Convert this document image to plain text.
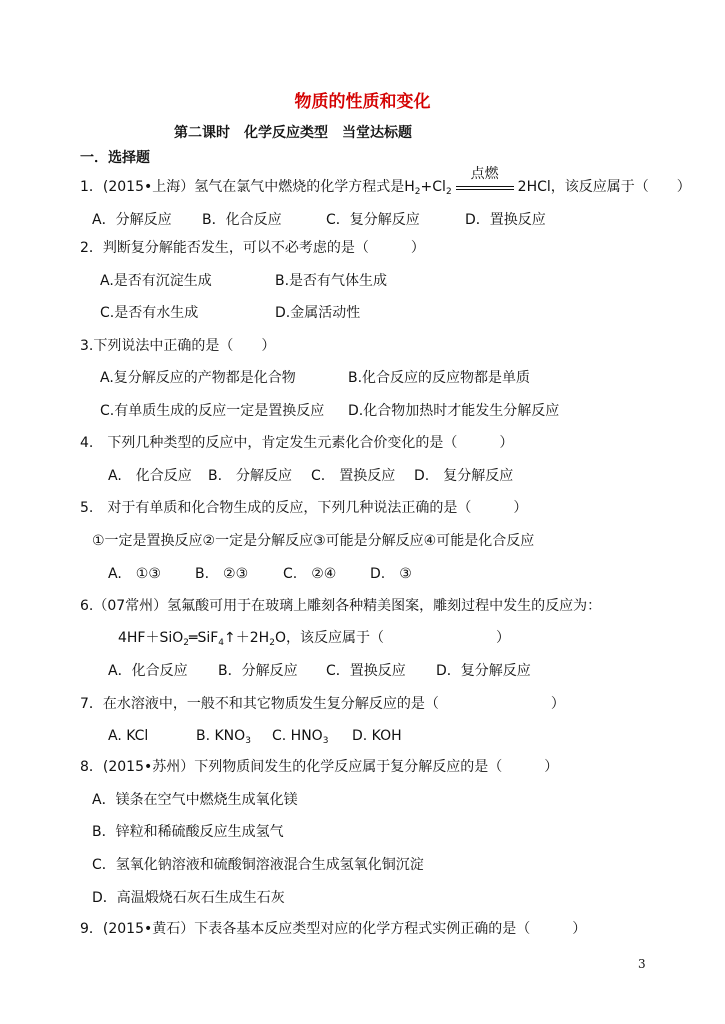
物质的性质和变化
第二课时　化学反应类型　当堂达标题
一．选择题
1．(2015•上海）氢气在氯气中燃烧的化学方程式是$H_2+Cl_2$
点燃
2HCl，该反应属于（　　）
A．分解反应 B．化合反应	C．复分解反应	D．置换反应
2．判断复分解能否发生，可以不必考虑的是（　　　）
A.是否有沉淀生成	B.是否有气体生成
C.是否有水生成	D.金属活动性
3.下列说法中正确的是（　　）
A.复分解反应的产物都是化合物	B.化合反应的反应物都是单质
C.有单质生成的反应一定是置换反应 D.化合物加热时才能发生分解反应
4.　下列几种类型的反应中，肯定发生元素化合价变化的是（　　　）
A.　化合反应 B.　分解反应 C.　置换反应 D.　复分解反应
5.　对于有单质和化合物生成的反应，下列几种说法正确的是（　　　）
①一定是置换反应②一定是分解反应③可能是分解反应④可能是化合反应
A.　①③ B.　②③ C.　②④ D.　③
6.（07常州）氢氟酸可用于在玻璃上雕刻各种精美图案，雕刻过程中发生的反应为：
$4HF+SiO_2═SiF_4↑+2H_2O$，该反应属于（　　　　　　　　）
A．化合反应 B．分解反应 C．置换反应 D．复分解反应
7．在水溶液中，一般不和其它物质发生复分解反应的是（　　　　　　　　）
A. KCl	B. $KNO_3$ C. $HNO_3$ D. KOH
8．(2015•苏州）下列物质间发生的化学反应属于复分解反应的是（　　　）
A．镁条在空气中燃烧生成氧化镁
B．锌粒和稀硫酸反应生成氢气
C．氢氧化钠溶液和硫酸铜溶液混合生成氢氧化铜沉淀
D．高温煅烧石灰石生成生石灰
9．(2015•黄石）下表各基本反应类型对应的化学方程式实例正确的是（　　　）
3
